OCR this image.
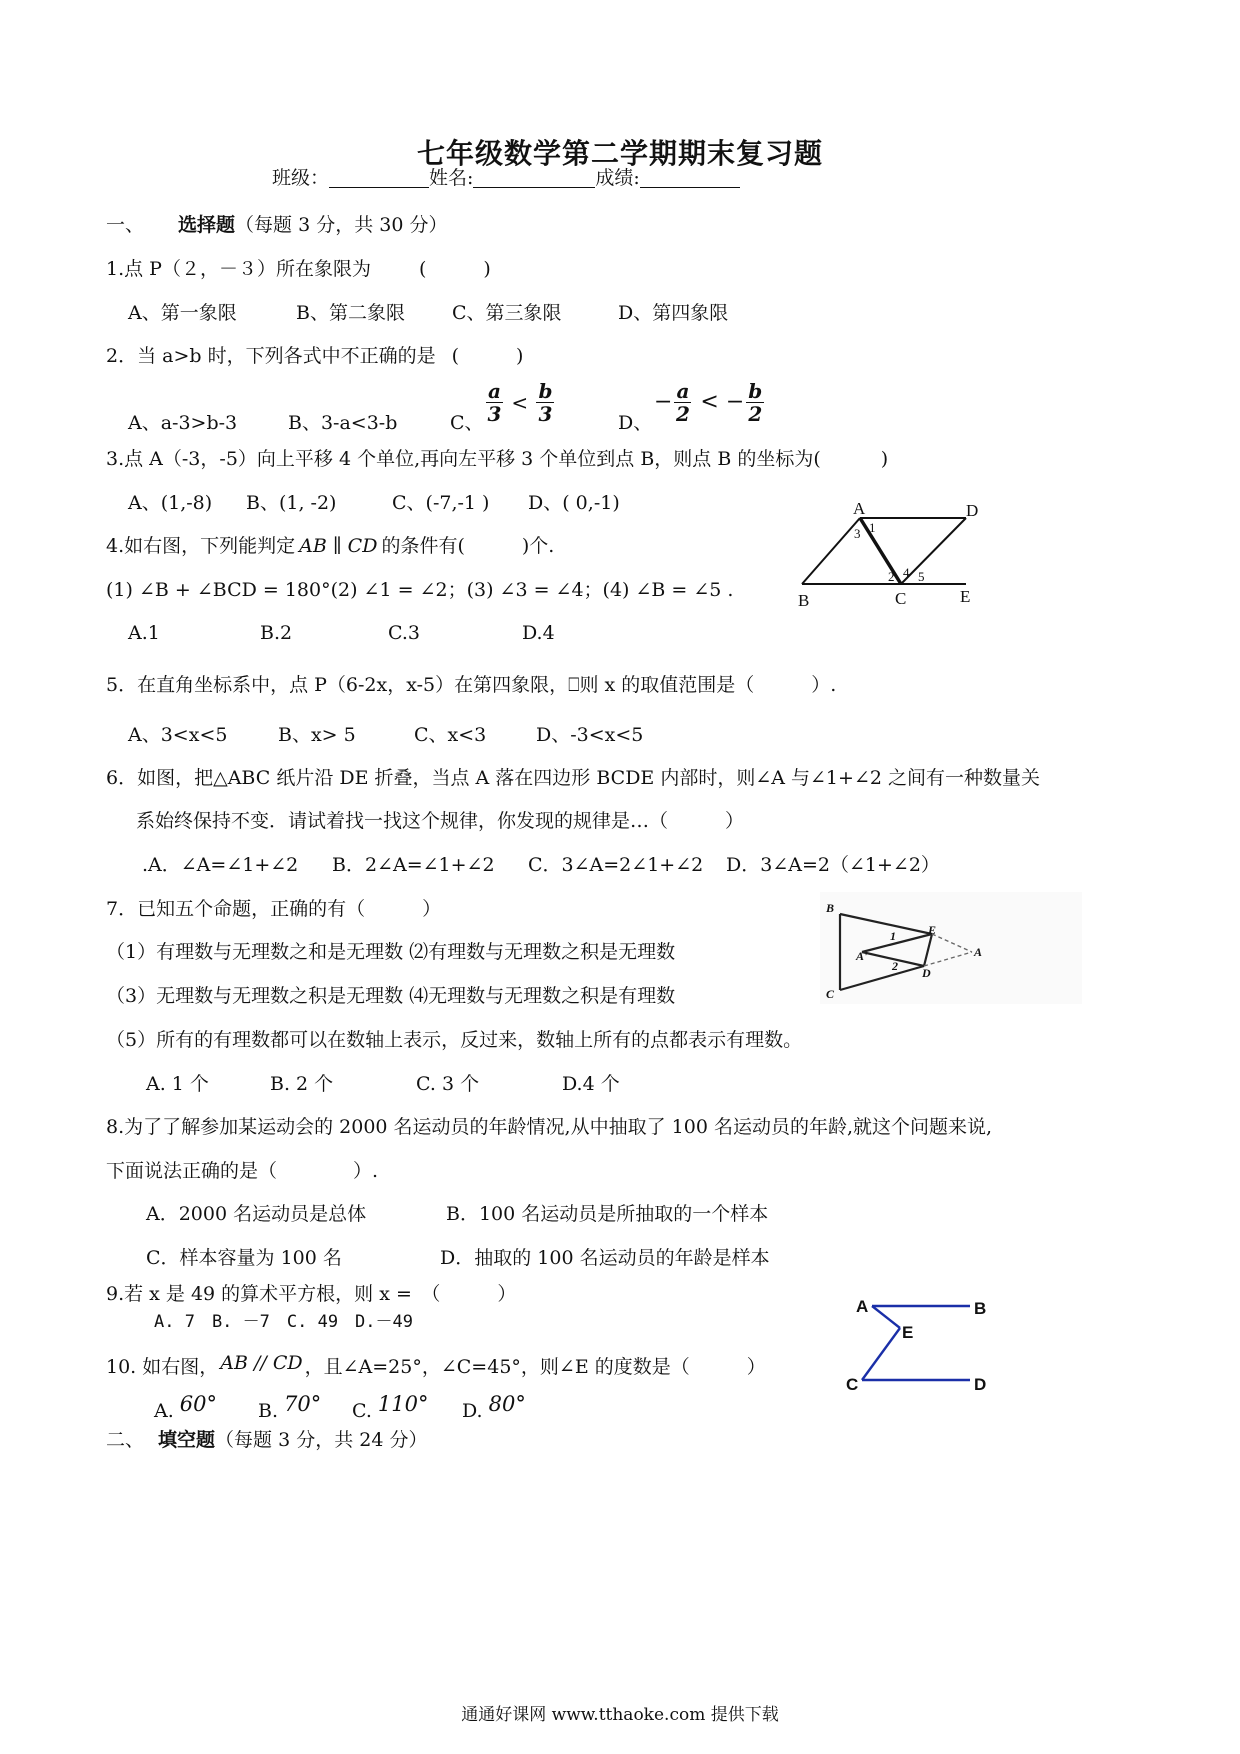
七年级数学第二学期期末复习题
班级：	姓名:	成绩:
一、 选择题（每题 3 分，共 30 分）
1.点 P（２，－３）所在象限为	(　　　)
A、第一象限	B、第二象限 C、第三象限	D、第四象限
2．当 a>b 时，下列各式中不正确的是 (　　　)
A、a-3>b-3	B、3-a<3-b	C、 $\frac{a}{3} < \frac{b}{3}$	D、
− $\frac{a}{2}$ < − $\frac{b}{2}$
3.点 A（-3，-5）向上平移 4 个单位,再向左平移 3 个单位到点 B，则点 B 的坐标为(	)
A、(1,-8) B、(1, -2)	C、(-7,-1 ) D、( 0,-1)
4.如右图，下列能判定 AB ∥ CD 的条件有(　　　)个.
(1) ∠B + ∠BCD = 180°(2) ∠1 = ∠2；(3) ∠3 = ∠4；(4) ∠B = ∠5 .
A.1	B.2	C.3	D.4
A	D
B	C	E
1
2
3
4 5
5．在直角坐标系中，点 P（6-2x，x-5）在第四象限，⎕则 x 的取值范围是（　　　）.
A、3<x<5	B、x> 5	C、x<3	D、-3<x<5
6．如图，把△ABC 纸片沿 DE 折叠，当点 A 落在四边形 BCDE 内部时，则∠A 与∠1+∠2 之间有一种数量关
系始终保持不变．请试着找一找这个规律，你发现的规律是…（　　　）
.A．∠A=∠1+∠2 B．2∠A=∠1+∠2 C．3∠A=2∠1+∠2 D．3∠A=2（∠1+∠2）
B
C
A'
E
D
A
1
2
7．已知五个命题，正确的有（　　　）
（1）有理数与无理数之和是无理数 ⑵有理数与无理数之积是无理数
（3）无理数与无理数之积是无理数 ⑷无理数与无理数之积是有理数
（5）所有的有理数都可以在数轴上表示，反过来，数轴上所有的点都表示有理数。
A. 1 个	B. 2 个	C. 3 个	D.4 个
8.为了了解参加某运动会的 2000 名运动员的年龄情况,从中抽取了 100 名运动员的年龄,就这个问题来说,
下面说法正确的是（　　　　）.
A．2000 名运动员是总体	B．100 名运动员是所抽取的一个样本
C．样本容量为 100 名	D．抽取的 100 名运动员的年龄是样本
9.若 x 是 49 的算术平方根，则 x =　（　　　）
A. 7　B. －7　C. 49　D.－49
10. 如右图， AB // CD ，且∠A=25°，∠C=45°，则∠E 的度数是（　　　）
A. 60° B. 70° C. 110° D. 80°
A	B
E
C	D
二、 填空题（每题 3 分，共 24 分）
通通好课网 www.tthaoke.com 提供下载
